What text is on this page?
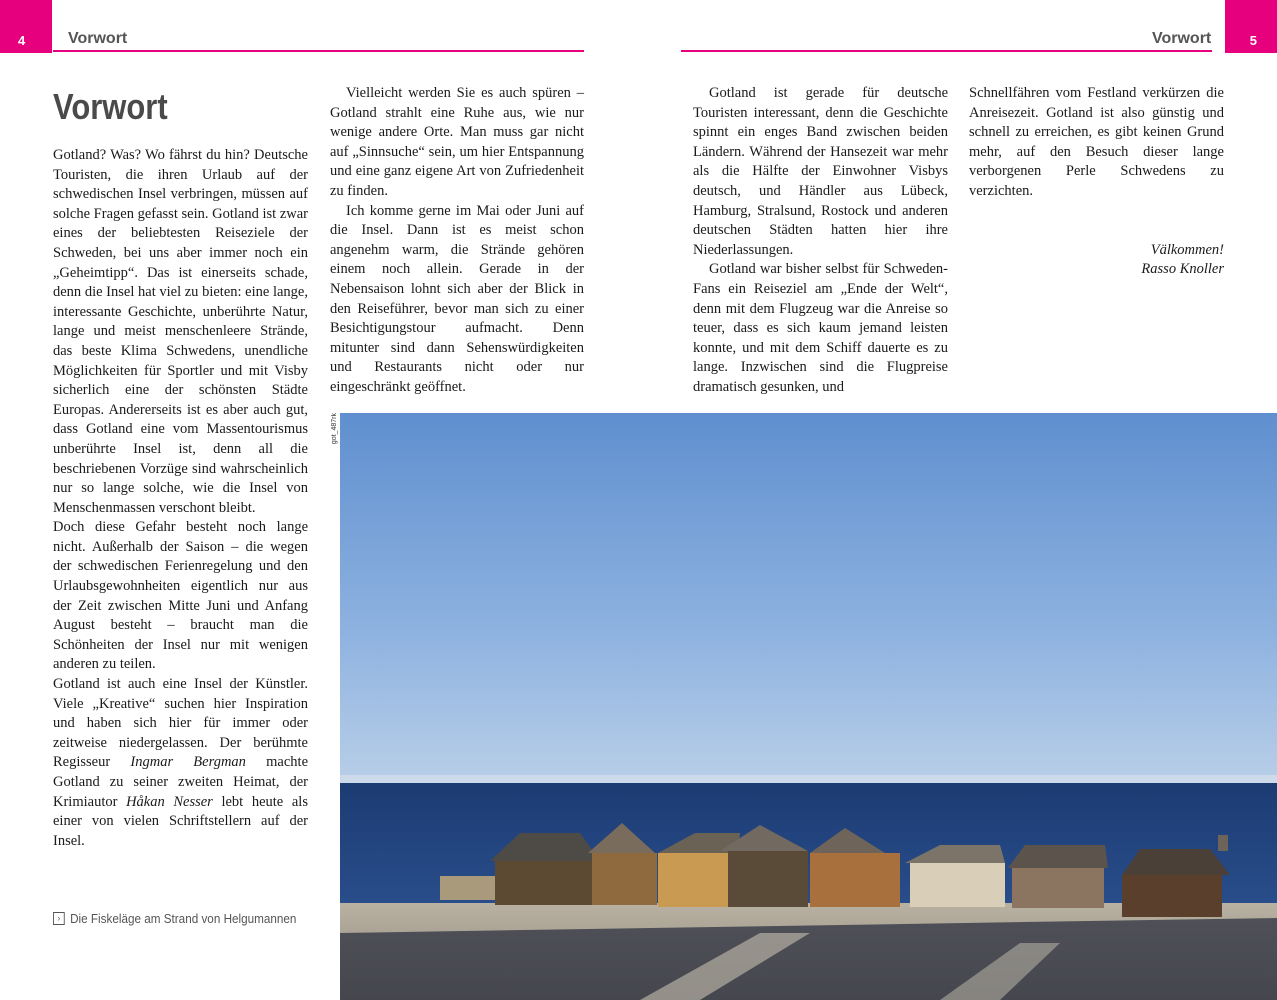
4	Vorwort	Vorwort	5
Vorwort

Gotland? Was? Wo fährst du hin? Deutsche Touristen, die ihren Urlaub auf der schwedischen Insel verbringen, müssen auf solche Fragen gefasst sein. Gotland ist zwar eines der beliebtesten Reiseziele der Schweden, bei uns aber immer noch ein „Geheimtipp“. Das ist einerseits schade, denn die Insel hat viel zu bieten: eine lange, interessante Geschichte, unberührte Natur, lange und meist menschenleere Strände, das beste Klima Schwedens, unendliche Möglichkeiten für Sportler und mit Visby sicherlich eine der schönsten Städte Europas. Andererseits ist es aber auch gut, dass Gotland eine vom Massentourismus unberührte Insel ist, denn all die beschriebenen Vorzüge sind wahrscheinlich nur so lange solche, wie die Insel von Menschenmassen verschont bleibt.

Doch diese Gefahr besteht noch lange nicht. Außerhalb der Saison – die wegen der schwedischen Ferienregelung und den Urlaubsgewohnheiten eigentlich nur aus der Zeit zwischen Mitte Juni und Anfang August besteht – braucht man die Schönheiten der Insel nur mit wenigen anderen zu teilen.

Gotland ist auch eine Insel der Künstler. Viele „Kreative“ suchen hier Inspiration und haben sich hier für immer oder zeitweise niedergelassen. Der berühmte Regisseur Ingmar Bergman machte Gotland zu seiner zweiten Heimat, der Krimiautor Håkan Nesser lebt heute als einer von vielen Schriftstellern auf der Insel.

Vielleicht werden Sie es auch spüren – Gotland strahlt eine Ruhe aus, wie nur wenige andere Orte. Man muss gar nicht auf „Sinnsuche“ sein, um hier Entspannung und eine ganz eigene Art von Zufriedenheit zu finden.

Ich komme gerne im Mai oder Juni auf die Insel. Dann ist es meist schon angenehm warm, die Strände gehören einem noch allein. Gerade in der Nebensaison lohnt sich aber der Blick in den Reiseführer, bevor man sich zu einer Besichtigungstour aufmacht. Denn mitunter sind dann Sehenswürdigkeiten und Restaurants nicht oder nur eingeschränkt geöffnet.

Gotland ist gerade für deutsche Touristen interessant, denn die Geschichte spinnt ein enges Band zwischen beiden Ländern. Während der Hansezeit war mehr als die Hälfte der Einwohner Visbys deutsch, und Händler aus Lübeck, Hamburg, Stralsund, Rostock und anderen deutschen Städten hatten hier ihre Niederlassungen.

Gotland war bisher selbst für Schweden-Fans ein Reiseziel am „Ende der Welt“, denn mit dem Flugzeug war die Anreise so teuer, dass es sich kaum jemand leisten konnte, und mit dem Schiff dauerte es zu lange. Inzwischen sind die Flugpreise dramatisch gesunken, und

Schnellfähren vom Festland verkürzen die Anreisezeit. Gotland ist also günstig und schnell zu erreichen, es gibt keinen Grund mehr, auf den Besuch dieser lange verborgenen Perle Schwedens zu verzichten.

Välkommen!
Rasso Knoller
› Die Fiskeläge am Strand von Helgumannen
got_487rk
